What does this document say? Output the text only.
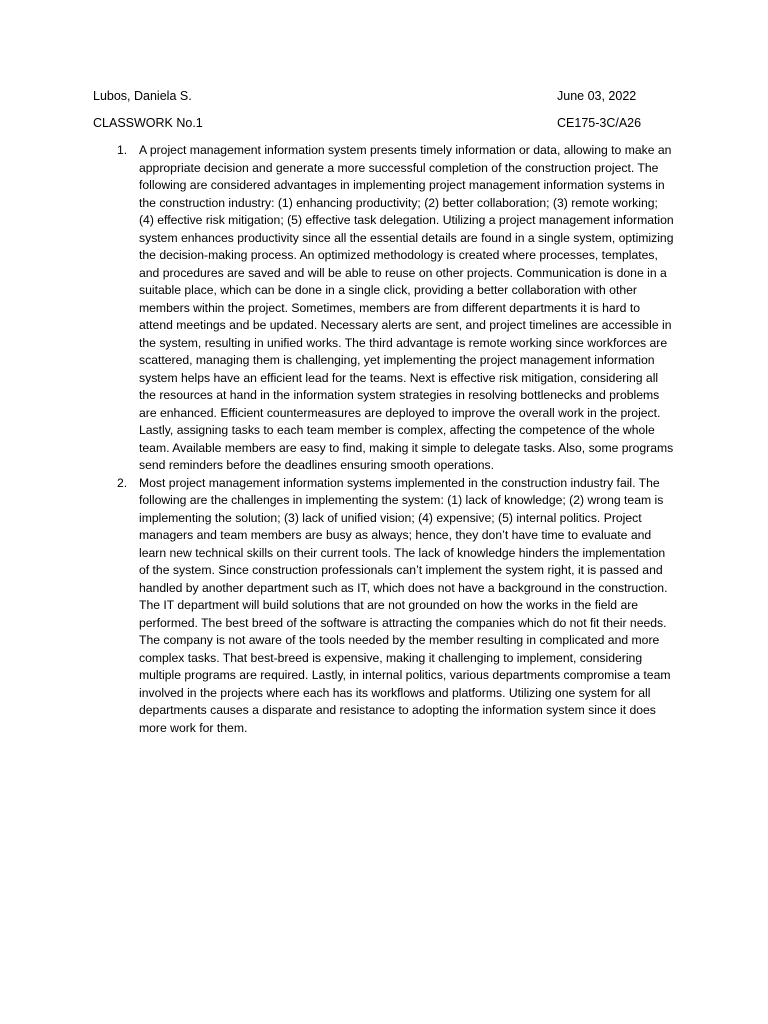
Lubos, Daniela S.	June 03, 2022
CLASSWORK No.1	CE175-3C/A26
1. A project management information system presents timely information or data, allowing to make an appropriate decision and generate a more successful completion of the construction project. The following are considered advantages in implementing project management information systems in the construction industry: (1) enhancing productivity; (2) better collaboration; (3) remote working; (4) effective risk mitigation; (5) effective task delegation. Utilizing a project management information system enhances productivity since all the essential details are found in a single system, optimizing the decision-making process. An optimized methodology is created where processes, templates, and procedures are saved and will be able to reuse on other projects. Communication is done in a suitable place, which can be done in a single click, providing a better collaboration with other members within the project. Sometimes, members are from different departments it is hard to attend meetings and be updated. Necessary alerts are sent, and project timelines are accessible in the system, resulting in unified works. The third advantage is remote working since workforces are scattered, managing them is challenging, yet implementing the project management information system helps have an efficient lead for the teams. Next is effective risk mitigation, considering all the resources at hand in the information system strategies in resolving bottlenecks and problems are enhanced. Efficient countermeasures are deployed to improve the overall work in the project. Lastly, assigning tasks to each team member is complex, affecting the competence of the whole team. Available members are easy to find, making it simple to delegate tasks. Also, some programs send reminders before the deadlines ensuring smooth operations.
2. Most project management information systems implemented in the construction industry fail. The following are the challenges in implementing the system: (1) lack of knowledge; (2) wrong team is implementing the solution; (3) lack of unified vision; (4) expensive; (5) internal politics. Project managers and team members are busy as always; hence, they don’t have time to evaluate and learn new technical skills on their current tools. The lack of knowledge hinders the implementation of the system. Since construction professionals can’t implement the system right, it is passed and handled by another department such as IT, which does not have a background in the construction. The IT department will build solutions that are not grounded on how the works in the field are performed. The best breed of the software is attracting the companies which do not fit their needs. The company is not aware of the tools needed by the member resulting in complicated and more complex tasks. That best-breed is expensive, making it challenging to implement, considering multiple programs are required. Lastly, in internal politics, various departments compromise a team involved in the projects where each has its workflows and platforms. Utilizing one system for all departments causes a disparate and resistance to adopting the information system since it does more work for them.
